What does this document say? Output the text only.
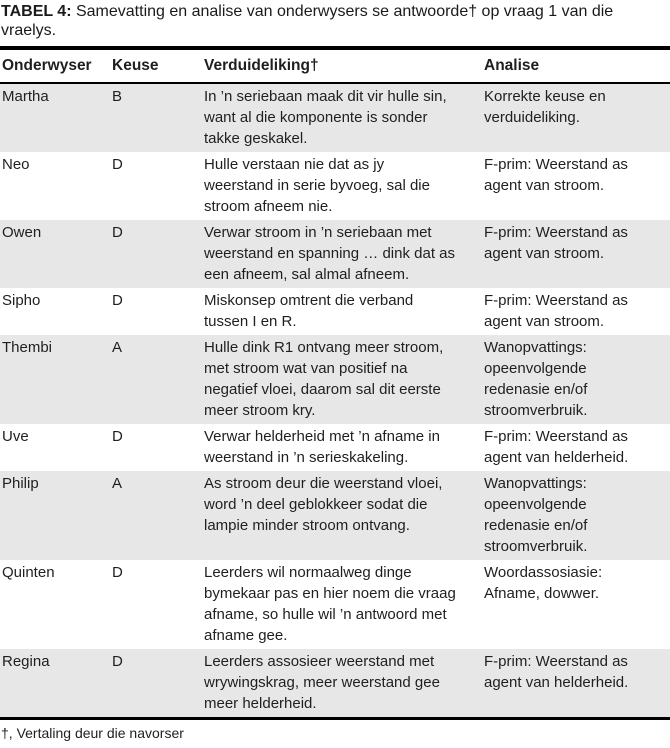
TABEL 4: Samevatting en analise van onderwysers se antwoorde† op vraag 1 van die vraelys.

Onderwyser	Keuse	Verduideliking†	Analise
Martha	B	In ’n seriebaan maak dit vir hulle sin, want al die komponente is sonder takke geskakel.	Korrekte keuse en verduideliking.
Neo	D	Hulle verstaan nie dat as jy weerstand in serie byvoeg, sal die stroom afneem nie.	F-prim: Weerstand as agent van stroom.
Owen	D	Verwar stroom in ’n seriebaan met weerstand en spanning … dink dat as een afneem, sal almal afneem.	F-prim: Weerstand as agent van stroom.
Sipho	D	Miskonsep omtrent die verband tussen I en R.	F-prim: Weerstand as agent van stroom.
Thembi	A	Hulle dink R1 ontvang meer stroom, met stroom wat van positief na negatief vloei, daarom sal dit eerste meer stroom kry.	Wanopvattings: opeenvolgende redenasie en/of stroomverbruik.
Uve	D	Verwar helderheid met ’n afname in weerstand in ’n serieskakeling.	F-prim: Weerstand as agent van helderheid.
Philip	A	As stroom deur die weerstand vloei, word ’n deel geblokkeer sodat die lampie minder stroom ontvang.	Wanopvattings: opeenvolgende redenasie en/of stroomverbruik.
Quinten	D	Leerders wil normaalweg dinge bymekaar pas en hier noem die vraag afname, so hulle wil ’n antwoord met afname gee.	Woordassosiasie: Afname, dowwer.
Regina	D	Leerders assosieer weerstand met wrywingskrag, meer weerstand gee meer helderheid.	F-prim: Weerstand as agent van helderheid.

†, Vertaling deur die navorser
